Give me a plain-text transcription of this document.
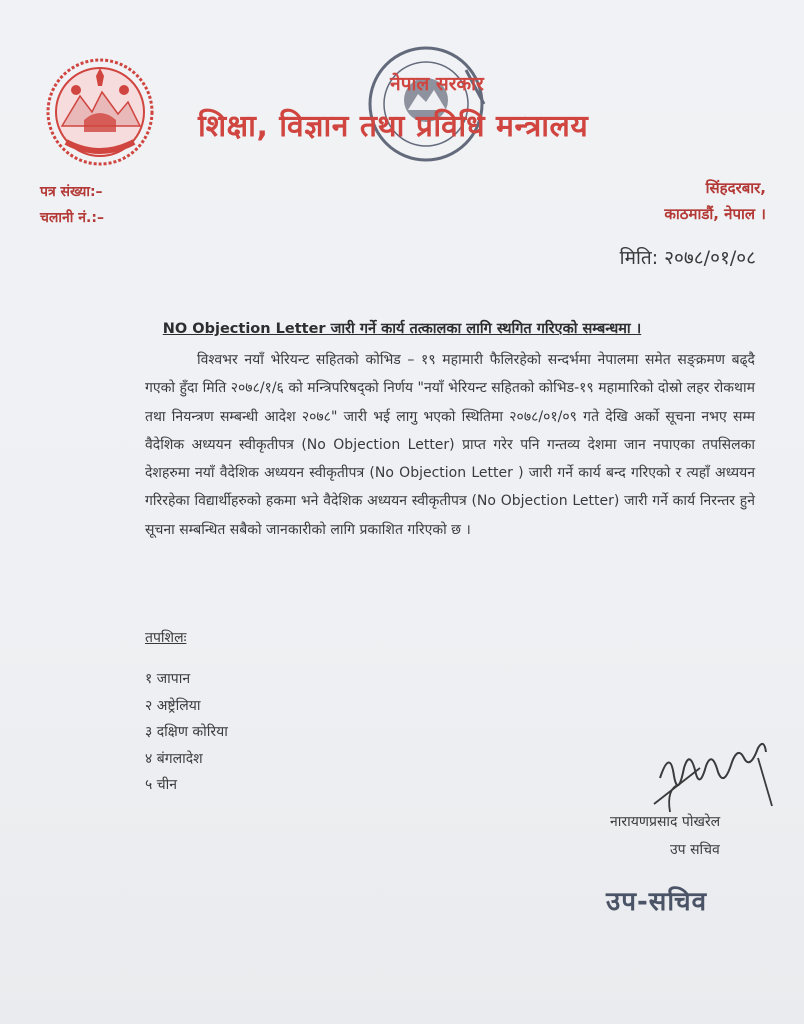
नेपाल सरकार
शिक्षा, विज्ञान तथा प्रविधि मन्त्रालय
पत्र संख्या:–
चलानी नं.:–
सिंहदरबार,
काठमाडौं, नेपाल ।
मिति: २०७८/०१/०८
NO Objection Letter जारी गर्ने कार्य तत्कालका लागि स्थगित गरिएको सम्बन्धमा ।
विश्वभर नयाँ भेरियन्ट सहितको कोभिड – १९ महामारी फैलिरहेको सन्दर्भमा नेपालमा समेत सङ्क्रमण बढ्दै गएको हुँदा मिति २०७८/१/६ को मन्त्रिपरिषद्को निर्णय "नयाँ भेरियन्ट सहितको कोभिड-१९ महामारिको दोस्रो लहर रोकथाम तथा नियन्त्रण सम्बन्धी आदेश २०७८" जारी भई लागु भएको स्थितिमा २०७८/०१/०९ गते देखि अर्को सूचना नभए सम्म वैदेशिक अध्ययन स्वीकृतीपत्र (No Objection Letter) प्राप्त गरेर पनि गन्तव्य देशमा जान नपाएका तपसिलका देशहरुमा नयाँ वैदेशिक अध्ययन स्वीकृतीपत्र (No Objection Letter ) जारी गर्ने कार्य बन्द गरिएको र त्यहाँ अध्ययन गरिरहेका विद्यार्थीहरुको हकमा भने वैदेशिक अध्ययन स्वीकृतीपत्र (No Objection Letter) जारी गर्ने कार्य निरन्तर हुने सूचना सम्बन्धित सबैको जानकारीको लागि प्रकाशित गरिएको छ ।
तपशिलः
१ जापान
२ अष्ट्रेलिया
३ दक्षिण कोरिया
४ बंगलादेश
५ चीन
नारायणप्रसाद पोखरेल
उप सचिव
उप-सचिव
